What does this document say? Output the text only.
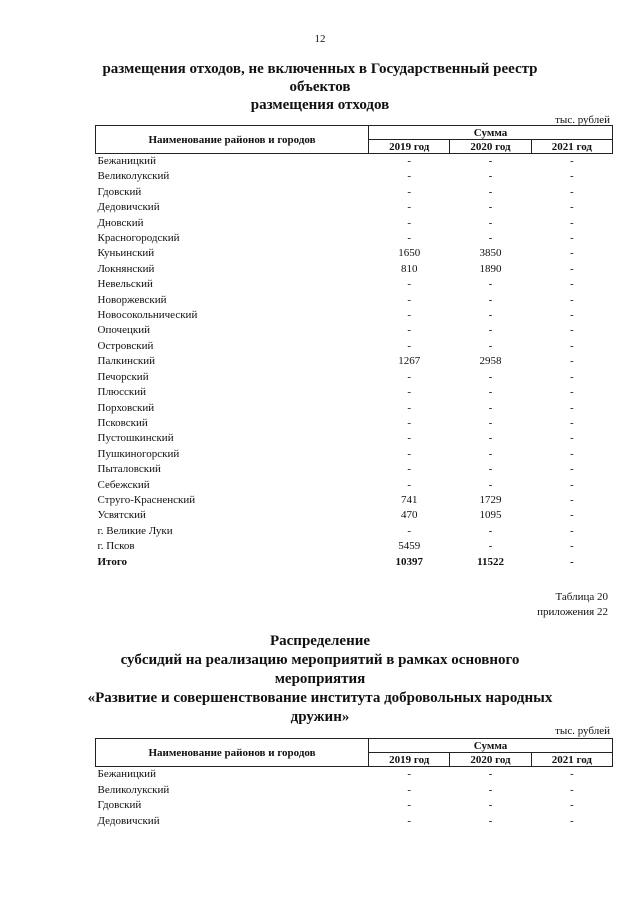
12
размещения отходов, не включенных в Государственный реестр объектов
размещения отходов
тыс. рублей
Наименование районов и городов	Сумма		
	2019 год	2020 год	2021 год
Бежаницкий	-	-	-
Великолукский	-	-	-
Гдовский	-	-	-
Дедовичский	-	-	-
Дновский	-	-	-
Красногородский	-	-	-
Куньинский	1650	3850	-
Локнянский	810	1890	-
Невельский	-	-	-
Новоржевский	-	-	-
Новосокольнический	-	-	-
Опочецкий	-	-	-
Островский	-	-	-
Палкинский	1267	2958	-
Печорский	-	-	-
Плюсский	-	-	-
Порховский	-	-	-
Псковский	-	-	-
Пустошкинский	-	-	-
Пушкиногорский	-	-	-
Пыталовский	-	-	-
Себежский	-	-	-
Струго-Красненский	741	1729	-
Усвятский	470	1095	-
г. Великие Луки	-	-	-
г. Псков	5459	-	-
Итого	10397	11522	-
Таблица 20
приложения 22
Распределение
субсидий на реализацию мероприятий в рамках основного мероприятия
«Развитие и совершенствование института добровольных народных
дружин»
тыс. рублей
Наименование районов и городов	Сумма		
	2019 год	2020 год	2021 год
Бежаницкий	-	-	-
Великолукский	-	-	-
Гдовский	-	-	-
Дедовичский	-	-	-
